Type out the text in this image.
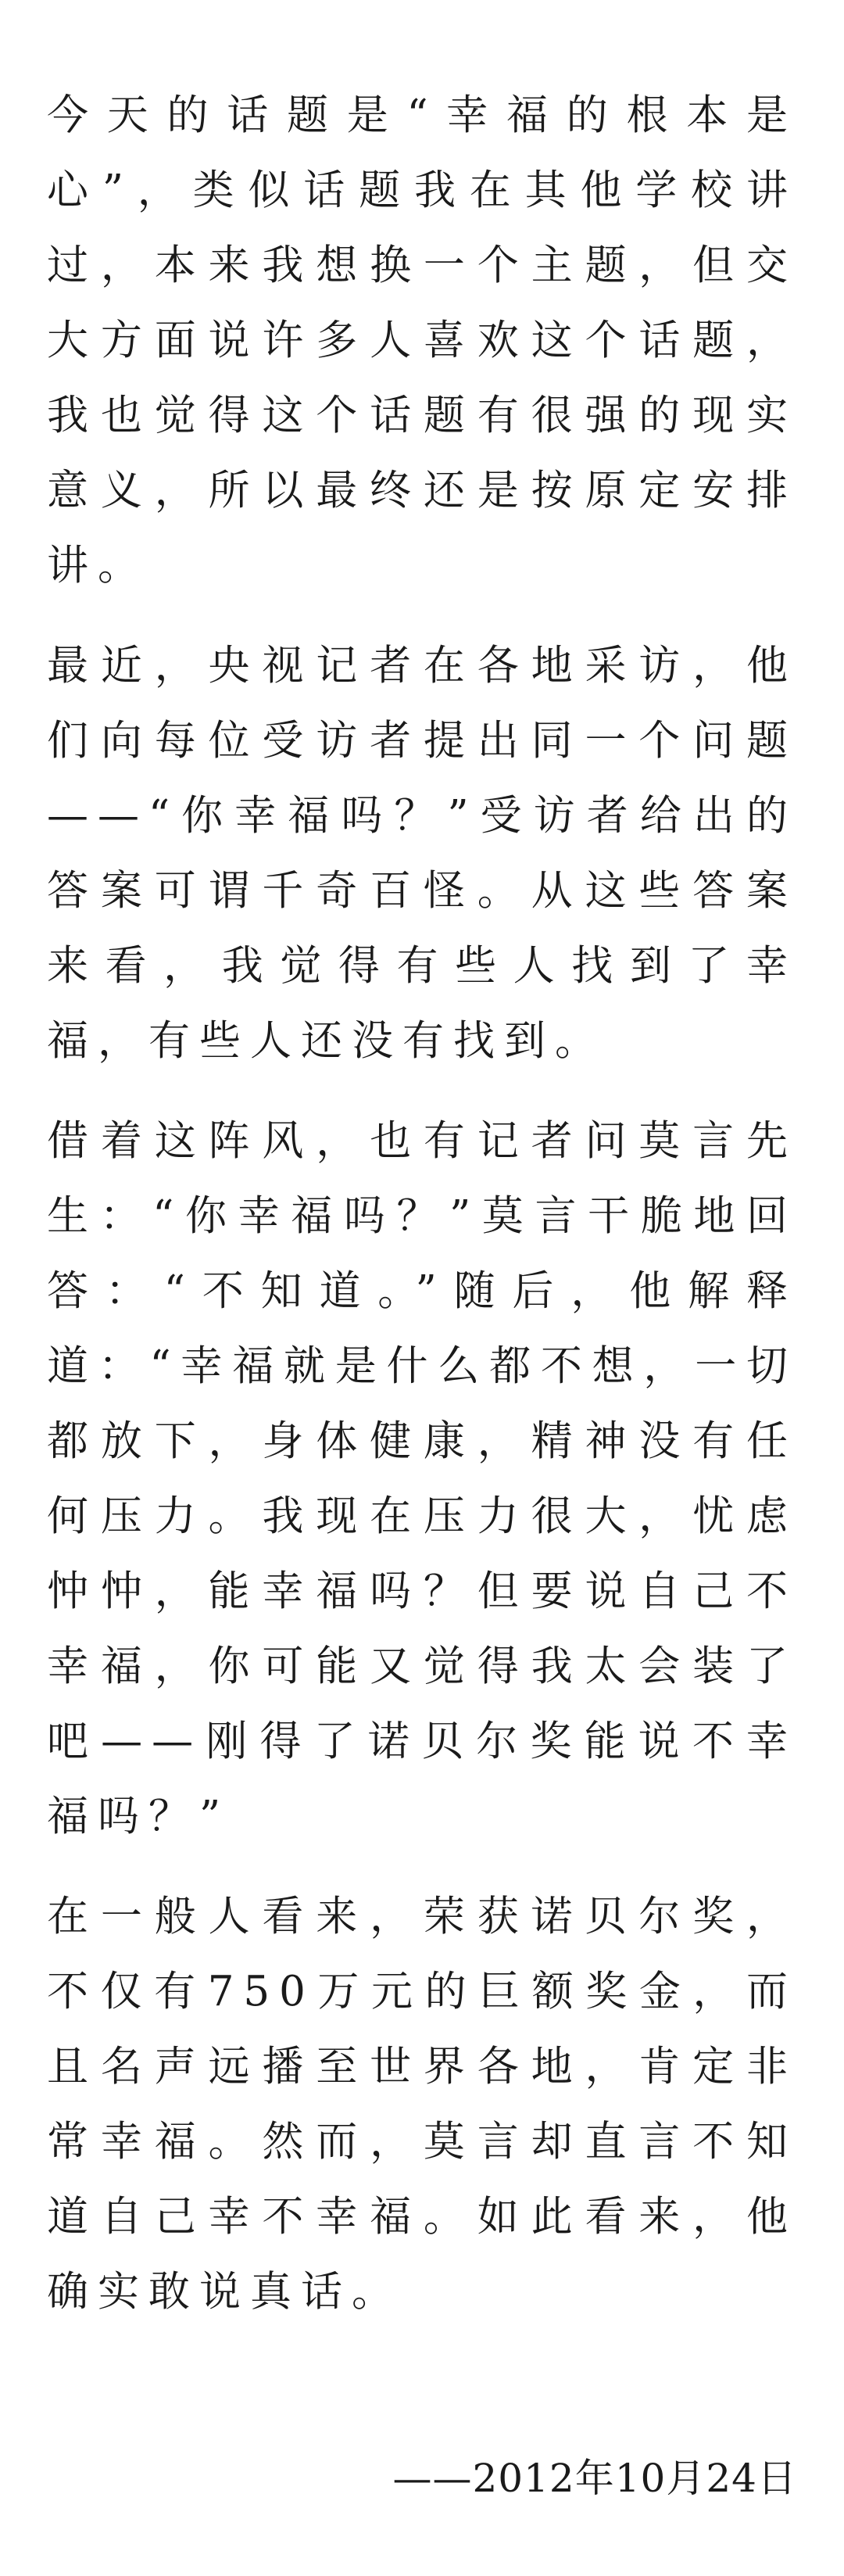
今天的话题是“幸福的根本是心”，类似话题我在其他学校讲过，本来我想换一个主题，但交大方面说许多人喜欢这个话题，我也觉得这个话题有很强的现实意义，所以最终还是按原定安排讲。

最近，央视记者在各地采访，他们向每位受访者提出同一个问题——“你幸福吗？”受访者给出的答案可谓千奇百怪。从这些答案来看，我觉得有些人找到了幸福，有些人还没有找到。

借着这阵风，也有记者问莫言先生：“你幸福吗？”莫言干脆地回答：“不知道。”随后，他解释道：“幸福就是什么都不想，一切都放下，身体健康，精神没有任何压力。我现在压力很大，忧虑忡忡，能幸福吗？但要说自己不幸福，你可能又觉得我太会装了吧——刚得了诺贝尔奖能说不幸福吗？”

在一般人看来，荣获诺贝尔奖，不仅有750万元的巨额奖金，而且名声远播至世界各地，肯定非常幸福。然而，莫言却直言不知道自己幸不幸福。如此看来，他确实敢说真话。

——2012年10月24日
